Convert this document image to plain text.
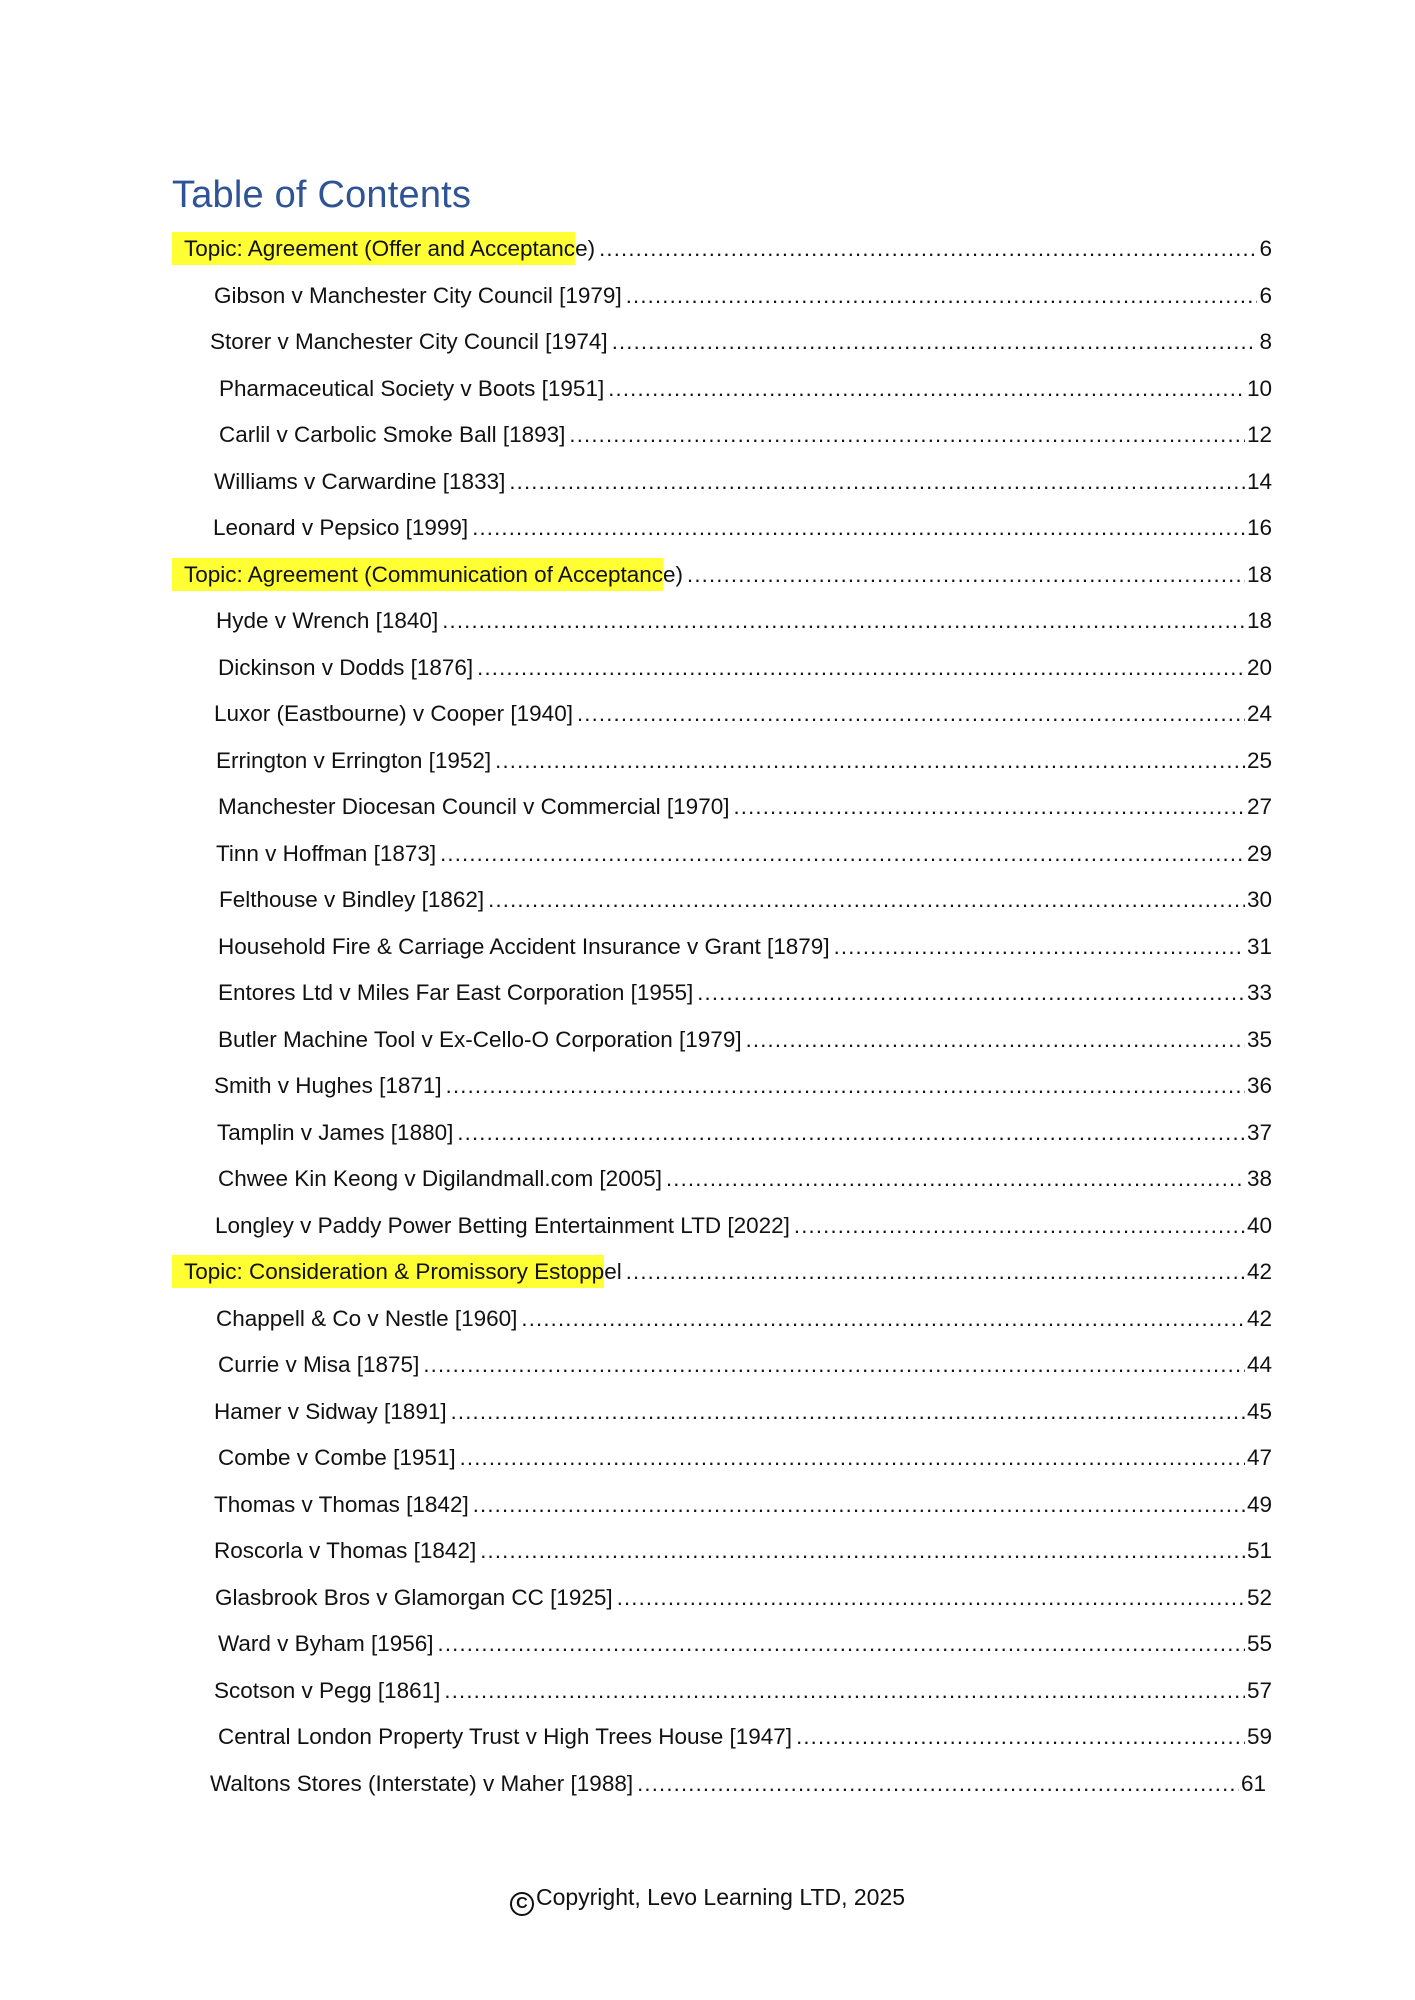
Table of Contents
Topic: Agreement (Offer and Acceptance) .....	6
Gibson v Manchester City Council [1979] .....	6
Storer v Manchester City Council [1974] .....	8
Pharmaceutical Society v Boots [1951] .....	10
Carlil v Carbolic Smoke Ball [1893] .....	12
Williams v Carwardine [1833] .....	14
Leonard v Pepsico [1999] .....	16
Topic: Agreement (Communication of Acceptance) .....	18
Hyde v Wrench [1840] .....	18
Dickinson v Dodds [1876] .....	20
Luxor (Eastbourne) v Cooper [1940] .....	24
Errington v Errington [1952] .....	25
Manchester Diocesan Council v Commercial [1970] .....	27
Tinn v Hoffman [1873] .....	29
Felthouse v Bindley [1862] .....	30
Household Fire & Carriage Accident Insurance v Grant [1879] .....	31
Entores Ltd v Miles Far East Corporation [1955] .....	33
Butler Machine Tool v Ex-Cello-O Corporation [1979] .....	35
Smith v Hughes [1871] .....	36
Tamplin v James [1880] .....	37
Chwee Kin Keong v Digilandmall.com [2005] .....	38
Longley v Paddy Power Betting Entertainment LTD [2022] .....	40
Topic: Consideration & Promissory Estoppel .....	42
Chappell & Co v Nestle [1960] .....	42
Currie v Misa [1875] .....	44
Hamer v Sidway [1891] .....	45
Combe v Combe [1951] .....	47
Thomas v Thomas [1842] .....	49
Roscorla v Thomas [1842] .....	51
Glasbrook Bros v Glamorgan CC [1925] .....	52
Ward v Byham [1956] .....	55
Scotson v Pegg [1861] .....	57
Central London Property Trust v High Trees House [1947] .....	59
Waltons Stores (Interstate) v Maher [1988] .....	61
C Copyright, Levo Learning LTD, 2025
